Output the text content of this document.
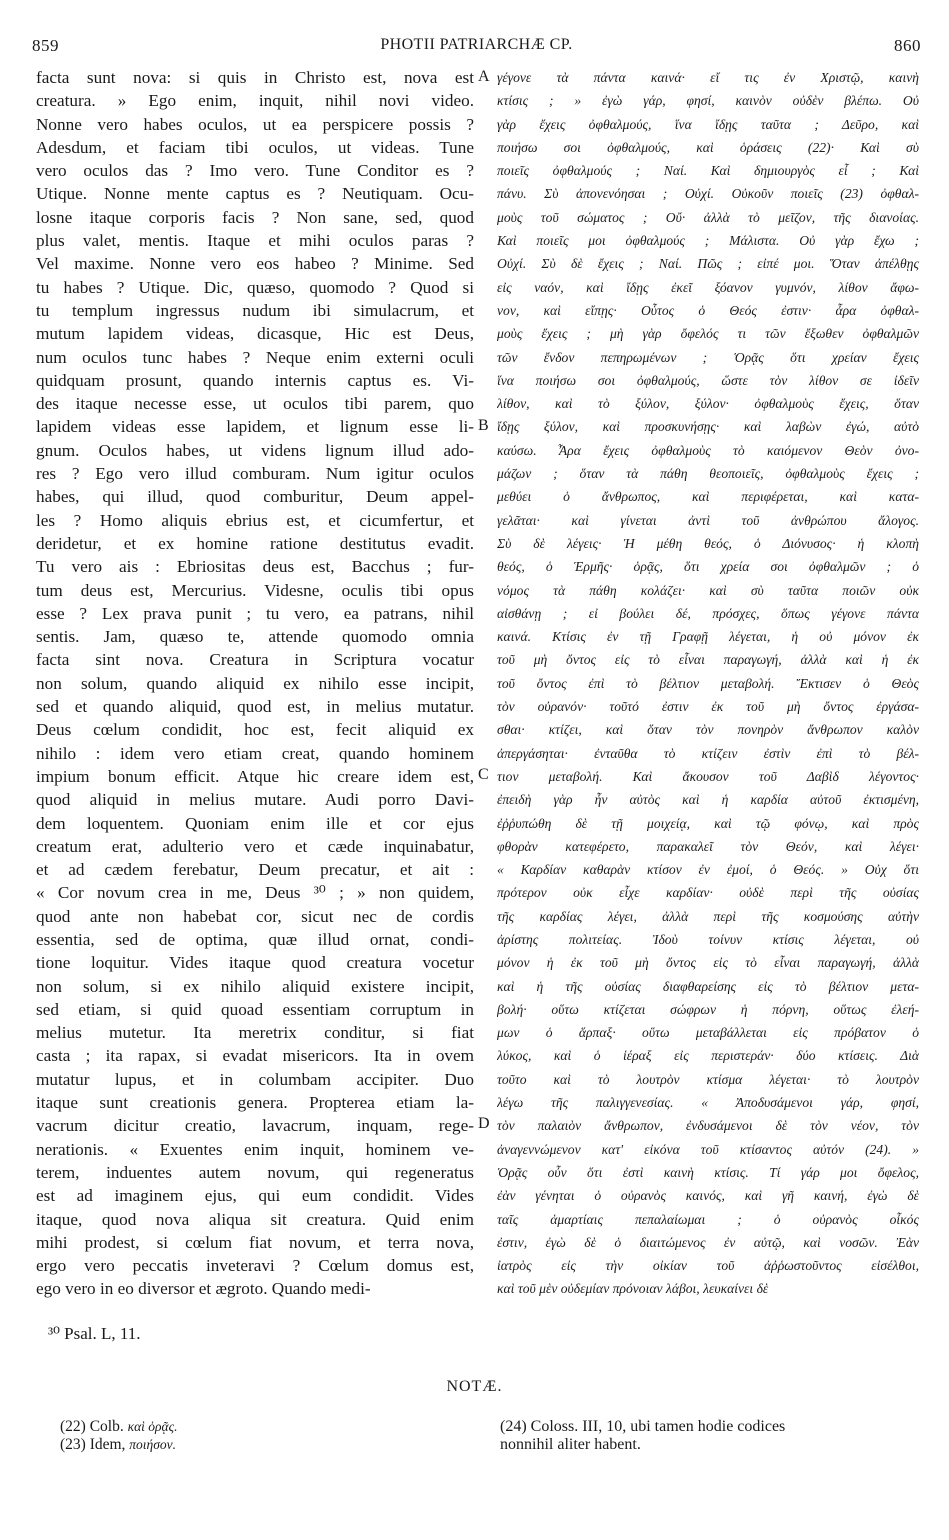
859	PHOTII PATRIARCHÆ CP.	860
facta sunt nova: si quis in Christo est, nova est
creatura. » Ego enim, inquit, nihil novi video.
Nonne vero habes oculos, ut ea perspicere possis ?
Adesdum, et faciam tibi oculos, ut videas. Tune
vero oculos das ? Imo vero. Tune Conditor es ?
Utique. Nonne mente captus es ? Neutiquam. Ocu-
losne itaque corporis facis ? Non sane, sed, quod
plus valet, mentis. Itaque et mihi oculos paras ?
Vel maxime. Nonne vero eos habeo ? Minime. Sed
tu habes ? Utique. Dic, quæso, quomodo ? Quod si
tu templum ingressus nudum ibi simulacrum, et
mutum lapidem videas, dicasque, Hic est Deus,
num oculos tunc habes ? Neque enim externi oculi
quidquam prosunt, quando internis captus es. Vi-
des itaque necesse esse, ut oculos tibi parem, quo
lapidem videas esse lapidem, et lignum esse li-
gnum. Oculos habes, ut videns lignum illud ado-
res ? Ego vero illud comburam. Num igitur oculos
habes, qui illud, quod comburitur, Deum appel-
les ? Homo aliquis ebrius est, et cicumfertur, et
deridetur, et ex homine ratione destitutus evadit.
Tu vero ais : Ebriositas deus est, Bacchus ; fur-
tum deus est, Mercurius. Videsne, oculis tibi opus
esse ? Lex prava punit ; tu vero, ea patrans, nihil
sentis. Jam, quæso te, attende quomodo omnia
facta sint nova. Creatura in Scriptura vocatur
non solum, quando aliquid ex nihilo esse incipit,
sed et quando aliquid, quod est, in melius mutatur.
Deus cœlum condidit, hoc est, fecit aliquid ex
nihilo : idem vero etiam creat, quando hominem
impium bonum efficit. Atque hic creare idem est,
quod aliquid in melius mutare. Audi porro Davi-
dem loquentem. Quoniam enim ille et cor ejus
creatum erat, adulterio vero et cæde inquinabatur,
et ad cædem ferebatur, Deum precatur, et ait :
« Cor novum crea in me, Deus ³⁰ ; » non quidem,
quod ante non habebat cor, sicut nec de cordis
essentia, sed de optima, quæ illud ornat, condi-
tione loquitur. Vides itaque quod creatura vocetur
non solum, si ex nihilo aliquid existere incipit,
sed etiam, si quid quoad essentiam corruptum in
melius mutetur. Ita meretrix conditur, si fiat
casta ; ita rapax, si evadat misericors. Ita in ovem
mutatur lupus, et in columbam accipiter. Duo
itaque sunt creationis genera. Propterea etiam la-
vacrum dicitur creatio, lavacrum, inquam, rege-
nerationis. « Exuentes enim inquit, hominem ve-
terem, induentes autem novum, qui regeneratus
est ad imaginem ejus, qui eum condidit. Vides
itaque, quod nova aliqua sit creatura. Quid enim
mihi prodest, si cœlum fiat novum, et terra nova,
ergo vero peccatis inveteravi ? Cœlum domus est,
ego vero in eo diversor et ægroto. Quando medi-
γέγονε τὰ πάντα καινά· εἴ τις ἐν Χριστῷ, καινὴ
κτίσις ; » ἐγὼ γάρ, φησί, καινὸν οὐδὲν βλέπω. Οὐ
γὰρ ἔχεις ὀφθαλμούς, ἵνα ἴδῃς ταῦτα ; Δεῦρο, καὶ
ποιήσω σοι ὀφθαλμούς, καὶ ὁράσεις (22)· Καὶ σὺ
ποιεῖς ὀφθαλμούς ; Ναί. Καὶ δημιουργὸς εἶ ; Καὶ
πάνυ. Σὺ ἀπονενόησαι ; Οὐχί. Οὐκοῦν ποιεῖς (23) ὀφθαλ-
μοὺς τοῦ σώματος ; Οὔ· ἀλλὰ τὸ μεῖζον, τῆς διανοίας.
Καὶ ποιεῖς μοι ὀφθαλμούς ; Μάλιστα. Οὐ γὰρ ἔχω ;
Οὐχί. Σὺ δὲ ἔχεις ; Ναί. Πῶς ; εἰπέ μοι. Ὅταν ἀπέλθῃς
εἰς ναόν, καὶ ἴδῃς ἐκεῖ ξόανον γυμνόν, λίθον ἄφω-
νον, καὶ εἴπῃς· Οὗτος ὁ Θεός ἐστιν· ἆρα ὀφθαλ-
μοὺς ἔχεις ; μὴ γὰρ ὄφελός τι τῶν ἔξωθεν ὀφθαλμῶν
τῶν ἔνδον πεπηρωμένων ; Ὁρᾷς ὅτι χρείαν ἔχεις
ἵνα ποιήσω σοι ὀφθαλμούς, ὥστε τὸν λίθον σε ἰδεῖν
λίθον, καὶ τὸ ξύλον, ξύλον· ὀφθαλμοὺς ἔχεις, ὅταν
ἴδῃς ξύλον, καὶ προσκυνήσῃς· καὶ λαβὼν ἐγώ, αὐτὸ
καύσω. Ἆρα ἔχεις ὀφθαλμοὺς τὸ καιόμενον Θεὸν ὀνο-
μάζων ; ὅταν τὰ πάθη θεοποιεῖς, ὀφθαλμοὺς ἔχεις ;
μεθύει ὁ ἄνθρωπος, καὶ περιφέρεται, καὶ κατα-
γελᾶται· καὶ γίνεται ἀντὶ τοῦ ἀνθρώπου ἄλογος.
Σὺ δὲ λέγεις· Ἡ μέθη θεός, ὁ Διόνυσος· ἡ κλοπὴ
θεός, ὁ Ἑρμῆς· ὁρᾷς, ὅτι χρεία σοι ὀφθαλμῶν ; ὁ
νόμος τὰ πάθη κολάζει· καὶ σὺ ταῦτα ποιῶν οὐκ
αἰσθάνῃ ; εἰ βούλει δέ, πρόσχες, ὅπως γέγονε πάντα
καινά. Κτίσις ἐν τῇ Γραφῇ λέγεται, ἡ οὐ μόνον ἐκ
τοῦ μὴ ὄντος εἰς τὸ εἶναι παραγωγή, ἀλλὰ καὶ ἡ ἐκ
τοῦ ὄντος ἐπὶ τὸ βέλτιον μεταβολή. Ἔκτισεν ὁ Θεὸς
τὸν οὐρανόν· τοῦτό ἐστιν ἐκ τοῦ μὴ ὄντος ἐργάσα-
σθαι· κτίζει, καὶ ὅταν τὸν πονηρὸν ἄνθρωπον καλὸν
ἀπεργάσηται· ἐνταῦθα τὸ κτίζειν ἐστὶν ἐπὶ τὸ βέλ-
τιον μεταβολή. Καὶ ἄκουσον τοῦ Δαβὶδ λέγοντος·
ἐπειδὴ γὰρ ἦν αὐτὸς καὶ ἡ καρδία αὐτοῦ ἐκτισμένη,
ἐῤῥυπώθη δὲ τῇ μοιχείᾳ, καὶ τῷ φόνῳ, καὶ πρὸς
φθορὰν κατεφέρετο, παρακαλεῖ τὸν Θεόν, καὶ λέγει·
« Καρδίαν καθαρὰν κτίσον ἐν ἐμοί, ὁ Θεός. » Οὐχ ὅτι
πρότερον οὐκ εἶχε καρδίαν· οὐδὲ περὶ τῆς οὐσίας
τῆς καρδίας λέγει, ἀλλὰ περὶ τῆς κοσμούσης αὐτὴν
ἀρίστης πολιτείας. Ἰδοὺ τοίνυν κτίσις λέγεται, οὐ
μόνον ἡ ἐκ τοῦ μὴ ὄντος εἰς τὸ εἶναι παραγωγή, ἀλλὰ
καὶ ἡ τῆς οὐσίας διαφθαρείσης εἰς τὸ βέλτιον μετα-
βολή· οὕτω κτίζεται σώφρων ἡ πόρνη, οὕτως ἐλεή-
μων ὁ ἅρπαξ· οὕτω μεταβάλλεται εἰς πρόβατον ὁ
λύκος, καὶ ὁ ἱέραξ εἰς περιστεράν· δύο κτίσεις. Διὰ
τοῦτο καὶ τὸ λουτρὸν κτίσμα λέγεται· τὸ λουτρὸν
λέγω τῆς παλιγγενεσίας. « Ἀποδυσάμενοι γάρ, φησί,
τὸν παλαιὸν ἄνθρωπον, ἐνδυσάμενοι δὲ τὸν νέον, τὸν
ἀναγεννώμενον κατ' εἰκόνα τοῦ κτίσαντος αὐτόν (24). »
Ὁρᾷς οὖν ὅτι ἐστὶ καινὴ κτίσις. Τί γάρ μοι ὄφελος,
ἐὰν γένηται ὁ οὐρανὸς καινός, καὶ γῆ καινή, ἐγὼ δὲ
ταῖς ἁμαρτίαις πεπαλαίωμαι ; ὁ οὐρανὸς οἶκός
ἐστιν, ἐγὼ δὲ ὁ διαιτώμενος ἐν αὐτῷ, καὶ νοσῶν. Ἐὰν
ἰατρὸς εἰς τὴν οἰκίαν τοῦ ἀῤῥωστοῦντος εἰσέλθοι,
καὶ τοῦ μὲν οὐδεμίαν πρόνοιαν λάβοι, λευκαίνει δὲ
A
B
C
D
³⁰ Psal. L, 11.
NOTÆ.
(22) Colb. καὶ ὁρᾷς.
(23) Idem, ποιήσον.
(24) Coloss. III, 10, ubi tamen hodie codices
nonnihil aliter habent.
